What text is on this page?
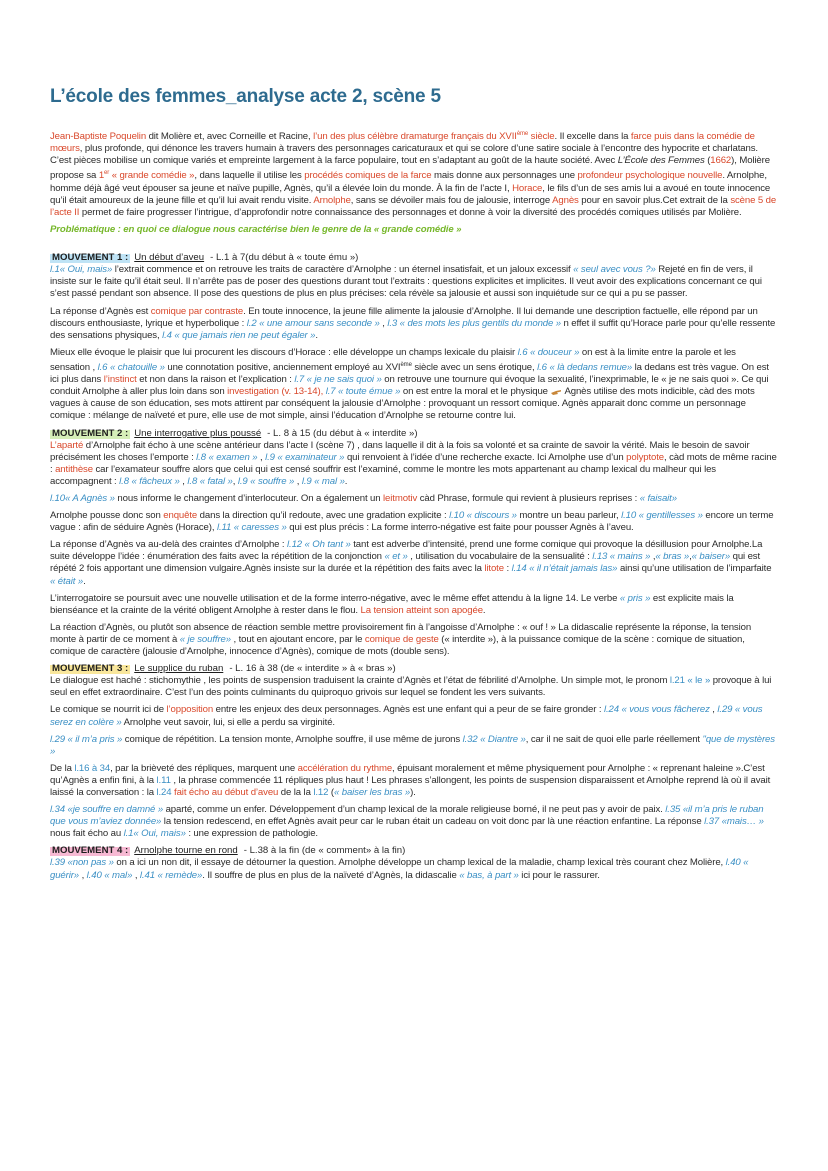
L’école des femmes_analyse acte 2, scène 5

Jean-Baptiste Poquelin dit Molière et, avec Corneille et Racine, l’un des plus célèbre dramaturge français du XVIIème siècle. Il excelle dans la farce puis dans la comédie de mœurs, plus profonde, qui dénonce les travers humain à travers des personnages caricaturaux et qui se colore d’une satire sociale à l’encontre des hypocrite et charlatans. C’est pièces mobilise un comique variés et empreinte largement à la farce populaire, tout en s’adaptant au goût de la haute société. Avec L’École des Femmes (1662), Molière propose sa 1er « grande comédie », dans laquelle il utilise les procédés comiques de la farce mais donne aux personnages une profondeur psychologique nouvelle. Arnolphe, homme déjà âgé veut épouser sa jeune et naïve pupille, Agnès, qu’il a élevée loin du monde. À la fin de l’acte I, Horace, le fils d’un de ses amis lui a avoué en toute innocence qu’il était amoureux de la jeune fille et qu’il lui avait rendu visite. Arnolphe, sans se dévoiler mais fou de jalousie, interroge Agnès pour en savoir plus.Cet extrait de la scène 5 de l’acte II permet de faire progresser l’intrigue, d’approfondir notre connaissance des personnages et donne à voir la diversité des procédés comiques utilisés par Molière.

Problématique : en quoi ce dialogue nous caractérise bien le genre de la « grande comédie »

MOUVEMENT 1 : Un début d’aveu - L.1 à 7(du début à « toute ému »)

l.1« Oui, mais» l’extrait commence et on retrouve les traits de caractère d’Arnolphe : un éternel insatisfait, et un jaloux excessif « seul avec vous ?» Rejeté en fin de vers, il insiste sur le faite qu’il était seul. Il n’arrête pas de poser des questions durant tout l’extraits : questions explicites et implicites. Il veut avoir des explications concernant ce qui s’est passé pendant son absence. Il pose des questions de plus en plus précises: cela révèle sa jalousie et aussi son inquiétude sur ce qui a pu se passer.

La réponse d’Agnès est comique par contraste. En toute innocence, la jeune fille alimente la jalousie d’Arnolphe. Il lui demande une description factuelle, elle répond par un discours enthousiaste, lyrique et hyperbolique : l.2 « une amour sans seconde » , l.3 « des mots les plus gentils du monde » n effet il suffit qu’Horace parle pour qu’elle ressente des sensations physiques, l.4 « que jamais rien ne peut égaler ».

Mieux elle évoque le plaisir que lui procurent les discours d’Horace : elle développe un champs lexicale du plaisir l.6 « douceur » on est à la limite entre la parole et les sensation , l.6 « chatouille » une connotation positive, anciennement employé au XVIème siècle avec un sens érotique, l.6 « là dedans remue» la dedans est très vague. On est ici plus dans l’instinct et non dans la raison et l’explication : l.7 « je ne sais quoi » on retrouve une tournure qui évoque la sexualité, l’inexprimable, le « je ne sais quoi ». Ce qui conduit Arnolphe à aller plus loin dans son investigation (v. 13-14), l.7 « toute émue » on est entre la moral et le physique  Agnès utilise des mots indicible, càd des mots vagues à cause de son éducation, ses mots attirent par conséquent la jalousie d’Arnolphe : provoquant un ressort comique. Agnès apparait donc comme un personnage comique : mélange de naïveté et pure, elle use de mot simple, ainsi l’éducation d’Arnolphe se retourne contre lui.

MOUVEMENT 2 : Une interrogative plus poussé - L. 8 à 15 (du début à « interdite »)

L’aparté d’Arnolphe fait écho à une scène antérieur dans l’acte I (scène 7) , dans laquelle il dit à la fois sa volonté et sa crainte de savoir la vérité. Mais le besoin de savoir précisément les choses l’emporte : l.8 « examen » , l.9 « examinateur » qui renvoient à l’idée d’une recherche exacte. Ici Arnolphe use d’un polyptote, càd mots de même racine : antithèse car l’examateur souffre alors que celui qui est censé souffrir est l’examiné, comme le montre les mots appartenant au champ lexical du malheur qui les accompagnent : l.8 « fâcheux » , l.8 « fatal », l.9 « souffre » , l.9 « mal ».

l.10« A Agnès » nous informe le changement d’interlocuteur. On a également un leitmotiv càd Phrase, formule qui revient à plusieurs reprises : « faisait»

Arnolphe pousse donc son enquête dans la direction qu’il redoute, avec une gradation explicite : l.10 « discours » montre un beau parleur, l.10 « gentillesses » encore un terme vague : afin de séduire Agnès (Horace), l.11 « caresses » qui est plus précis : La forme interro-négative est faite pour pousser Agnès à l’aveu.

La réponse d’Agnès va au-delà des craintes d’Arnolphe : l.12 « Oh tant » tant est adverbe d’intensité, prend une forme comique qui provoque la désillusion pour Arnolphe.La suite développe l’idée : énumération des faits avec la répétition de la conjonction « et » , utilisation du vocabulaire de la sensualité : l.13 « mains » ,« bras »,« baiser» qui est répété 2 fois apportant une dimension vulgaire.Agnès insiste sur la durée et la répétition des faits avec la litote : l.14 « il n’était jamais las» ainsi qu’une utilisation de l’imparfaite « était ».

L’interrogatoire se poursuit avec une nouvelle utilisation et de la forme interro-négative, avec le même effet attendu à la ligne 14. Le verbe « pris » est explicite mais la bienséance et la crainte de la vérité obligent Arnolphe à rester dans le flou. La tension atteint son apogée.

La réaction d’Agnès, ou plutôt son absence de réaction semble mettre provisoirement fin à l’angoisse d’Arnolphe : « ouf ! » La didascalie représente la réponse, la tension monte à partir de ce moment à « je souffre» , tout en ajoutant encore, par le comique de geste (« interdite »), à la puissance comique de la scène : comique de situation, comique de caractère (jalousie d’Arnolphe, innocence d’Agnès), comique de mots (double sens).

MOUVEMENT 3 : Le supplice du ruban - L. 16 à 38 (de « interdite » à « bras »)

Le dialogue est haché : stichomythie , les points de suspension traduisent la crainte d’Agnès et l’état de fébrilité d’Arnolphe. Un simple mot, le pronom l.21 « le » provoque à lui seul en effet extraordinaire. C’est l’un des points culminants du quiproquo grivois sur lequel se fondent les vers suivants.

Le comique se nourrit ici de l’opposition entre les enjeux des deux personnages. Agnès est une enfant qui a peur de se faire gronder : l.24 « vous vous fâcherez , l.29 « vous serez en colère » Arnolphe veut savoir, lui, si elle a perdu sa virginité.

l.29 « il m’a pris » comique de répétition. La tension monte, Arnolphe souffre, il use même de jurons l.32 « Diantre », car il ne sait de quoi elle parle réellement "que de mystères »

De la l.16 à 34, par la brièveté des répliques, marquent une accélération du rythme, épuisant moralement et même physiquement pour Arnolphe : « reprenant haleine ».C’est qu’Agnès a enfin fini, à la l.11 , la phrase commencée 11 répliques plus haut ! Les phrases s’allongent, les points de suspension disparaissent et Arnolphe reprend là où il avait laissé la conversation : la l.24 fait écho au début d’aveu de la la l.12 (« baiser les bras »).

l.34 «je souffre en damné » aparté, comme un enfer. Développement d’un champ lexical de la morale religieuse borné, il ne peut pas y avoir de paix. l.35 «il m’a pris le ruban que vous m’aviez donnée» la tension redescend, en effet Agnès avait peur car le ruban était un cadeau on voit donc par là une réaction enfantine. La réponse l.37 «mais… » nous fait écho au l.1« Oui, mais» : une expression de pathologie.

MOUVEMENT 4 : Arnolphe tourne en rond - L.38 à la fin (de « comment» à la fin)

l.39 «non pas » on a ici un non dit, il essaye de détourner la question. Arnolphe développe un champ lexical de la maladie, champ lexical très courant chez Molière, l.40 « guérir» , l.40 « mal» , l.41 « remède». Il souffre de plus en plus de la naïveté d’Agnès, la didascalie « bas, à part » ici pour le rassurer.
